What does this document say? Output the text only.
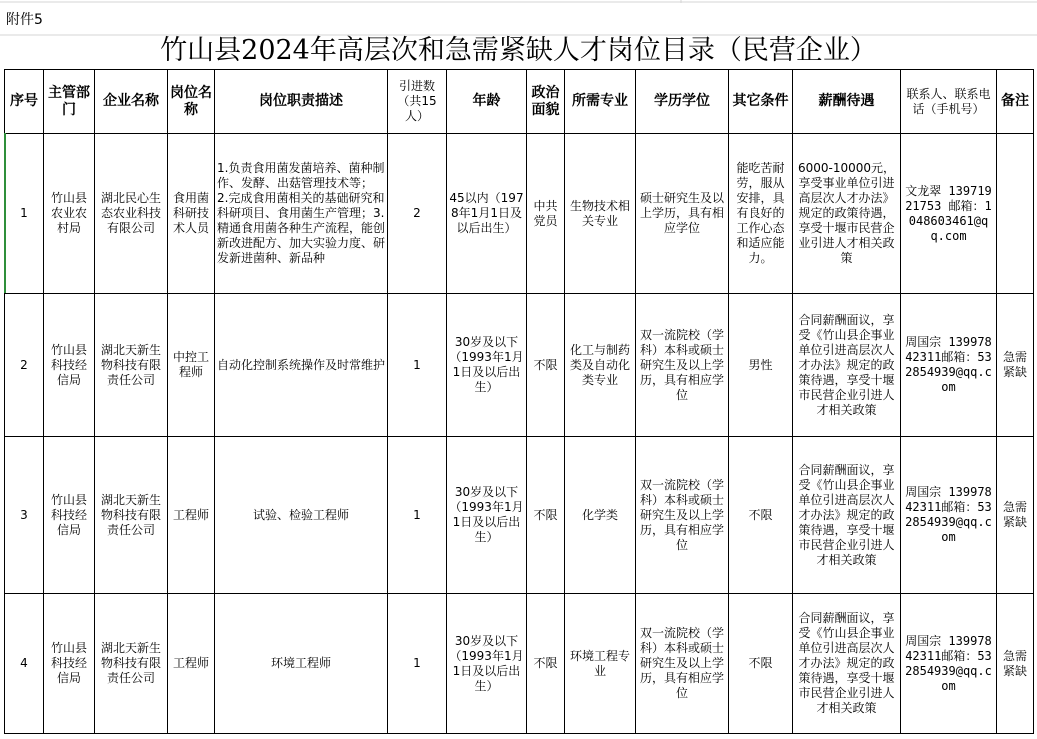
附件5
竹山县2024年高层次和急需紧缺人才岗位目录（民营企业）
序号	主管部门	企业名称	岗位名称	岗位职责描述	引进数（共15人）	年龄	政治面貌	所需专业	学历学位	其它条件	薪酬待遇	联系人、联系电话（手机号）	备注
1	竹山县农业农村局	湖北民心生态农业科技有限公司	食用菌科研技术人员	1.负责食用菌发菌培养、菌种制作、发酵、出菇管理技术等；　2.完成食用菌相关的基础研究和科研项目、食用菌生产管理；3.精通食用菌各种生产流程，能创新改进配方、加大实验力度、研发新进菌种、新品种	2	45以内（1978年1月1日及以后出生）	中共党员	生物技术相关专业	硕士研究生及以上学历，具有相应学位	能吃苦耐劳，服从安排，具有良好的工作心态和适应能力。	6000-10000元，享受事业单位引进高层次人才办法》规定的政策待遇，享受十堰市民营企业引进人才相关政策	文龙翠 13971921753 邮箱：1048603461@qq.com	
2	竹山县科技经信局	湖北天新生物科技有限责任公司	中控工程师	自动化控制系统操作及时常维护	1	30岁及以下（1993年1月1日及以后出生）	不限	化工与制药类及自动化类专业	双一流院校（学科）本科或硕士研究生及以上学历，具有相应学位	男性	合同薪酬面议，享受《竹山县企事业单位引进高层次人才办法》规定的政策待遇，享受十堰市民营企业引进人才相关政策	周国宗 13997842311邮箱：532854939@qq.com	急需紧缺
3	竹山县科技经信局	湖北天新生物科技有限责任公司	工程师	试验、检验工程师	1	30岁及以下（1993年1月1日及以后出生）	不限	化学类	双一流院校（学科）本科或硕士研究生及以上学历，具有相应学位	不限	合同薪酬面议，享受《竹山县企事业单位引进高层次人才办法》规定的政策待遇，享受十堰市民营企业引进人才相关政策	周国宗 13997842311邮箱：532854939@qq.com	急需紧缺
4	竹山县科技经信局	湖北天新生物科技有限责任公司	工程师	环境工程师	1	30岁及以下（1993年1月1日及以后出生）	不限	环境工程专业	双一流院校（学科）本科或硕士研究生及以上学历，具有相应学位	不限	合同薪酬面议，享受《竹山县企事业单位引进高层次人才办法》规定的政策待遇，享受十堰市民营企业引进人才相关政策	周国宗 13997842311邮箱：532854939@qq.com	急需紧缺
